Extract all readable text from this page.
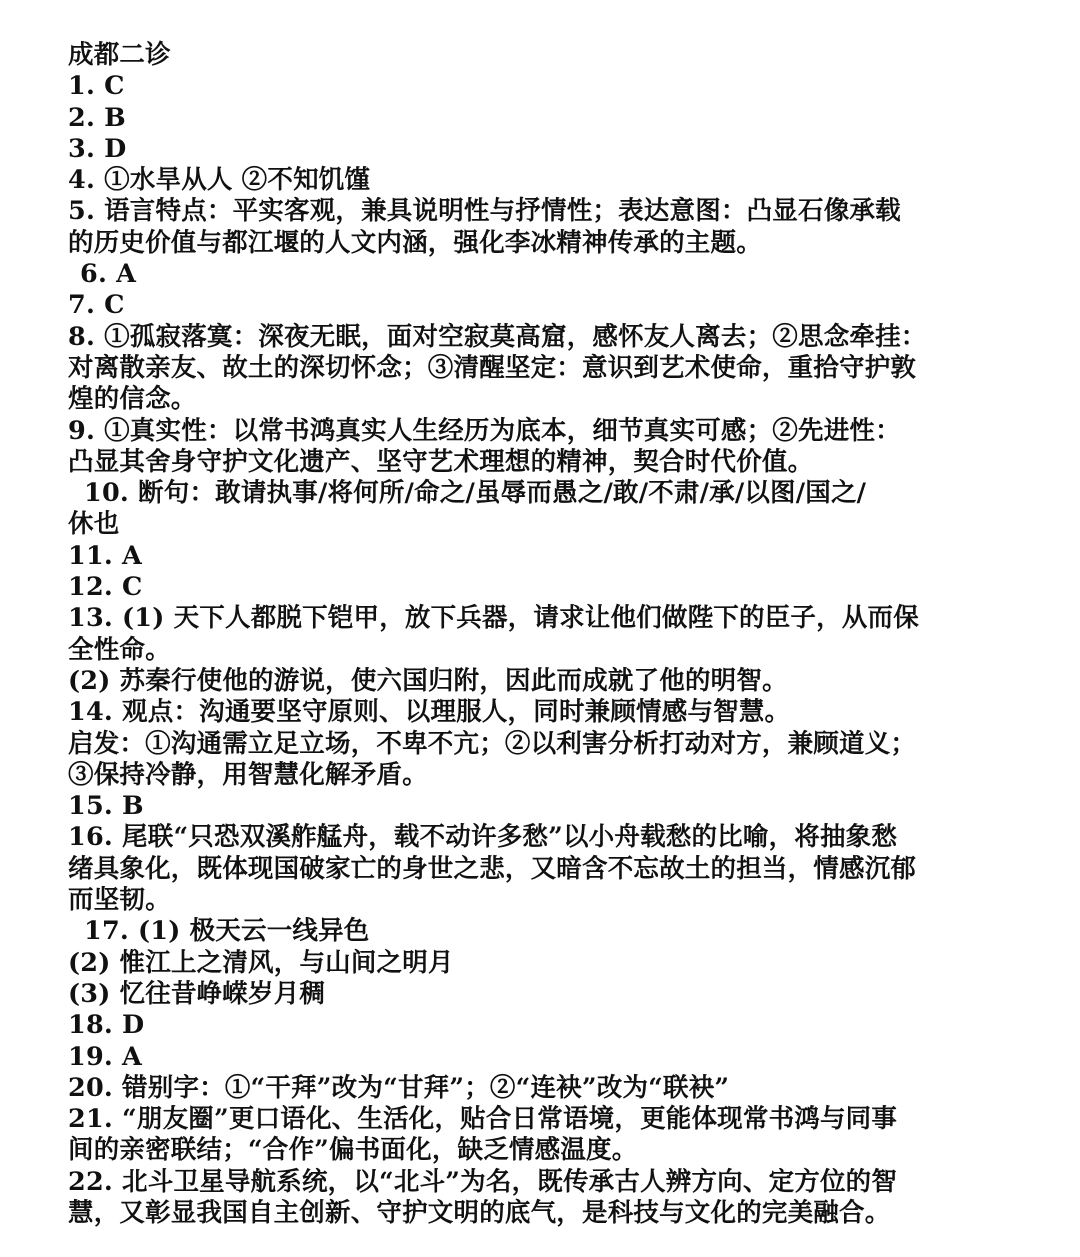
成都二诊
1. C
2. B
3. D
4. ①水旱从人 ②不知饥馑
5. 语言特点：平实客观，兼具说明性与抒情性；表达意图：凸显石像承载
的历史价值与都江堰的人文内涵，强化李冰精神传承的主题。
6. A
7. C
8. ①孤寂落寞：深夜无眠，面对空寂莫高窟，感怀友人离去；②思念牵挂：
对离散亲友、故土的深切怀念；③清醒坚定：意识到艺术使命，重拾守护敦
煌的信念。
9. ①真实性：以常书鸿真实人生经历为底本，细节真实可感；②先进性：
凸显其舍身守护文化遗产、坚守艺术理想的精神，契合时代价值。
10. 断句：敢请执事/将何所/命之/虽辱而愚之/敢/不肃/承/以图/国之/
休也
11. A
12. C
13. (1) 天下人都脱下铠甲，放下兵器，请求让他们做陛下的臣子，从而保
全性命。
(2) 苏秦行使他的游说，使六国归附，因此而成就了他的明智。
14. 观点：沟通要坚守原则、以理服人，同时兼顾情感与智慧。
启发：①沟通需立足立场，不卑不亢；②以利害分析打动对方，兼顾道义；
③保持冷静，用智慧化解矛盾。
15. B
16. 尾联“只恐双溪舴艋舟，载不动许多愁”以小舟载愁的比喻，将抽象愁
绪具象化，既体现国破家亡的身世之悲，又暗含不忘故土的担当，情感沉郁
而坚韧。
17. (1) 极天云一线异色
(2) 惟江上之清风，与山间之明月
(3) 忆往昔峥嵘岁月稠
18. D
19. A
20. 错别字：①“干拜”改为“甘拜”；②“连袂”改为“联袂”
21. “朋友圈”更口语化、生活化，贴合日常语境，更能体现常书鸿与同事
间的亲密联结；“合作”偏书面化，缺乏情感温度。
22. 北斗卫星导航系统，以“北斗”为名，既传承古人辨方向、定方位的智
慧，又彰显我国自主创新、守护文明的底气，是科技与文化的完美融合。
